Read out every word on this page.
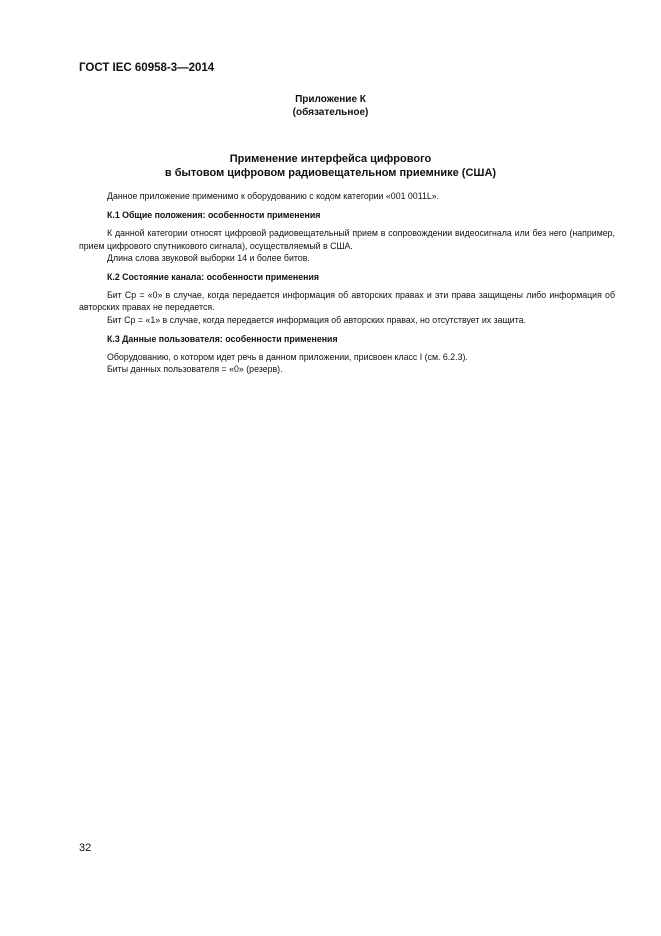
ГОСТ IEC 60958-3—2014
Приложение К
(обязательное)
Применение интерфейса цифрового
в бытовом цифровом радиовещательном приемнике (США)

Данное приложение применимо к оборудованию с кодом категории «001 0011L».

К.1 Общие положения: особенности применения

К данной категории относят цифровой радиовещательный прием в сопровождении видеосигнала или без него (например, прием цифрового спутникового сигнала), осуществляемый в США.

Длина слова звуковой выборки 14 и более битов.

К.2 Состояние канала: особенности применения

Бит Cp = «0» в случае, когда передается информация об авторских правах и эти права защищены либо информация об авторских правах не передается.

Бит Cp = «1» в случае, когда передается информация об авторских правах, но отсутствует их защита.

К.3 Данные пользователя: особенности применения

Оборудованию, о котором идет речь в данном приложении, присвоен класс I (см. 6.2.3).

Биты данных пользователя = «0» (резерв).

32
